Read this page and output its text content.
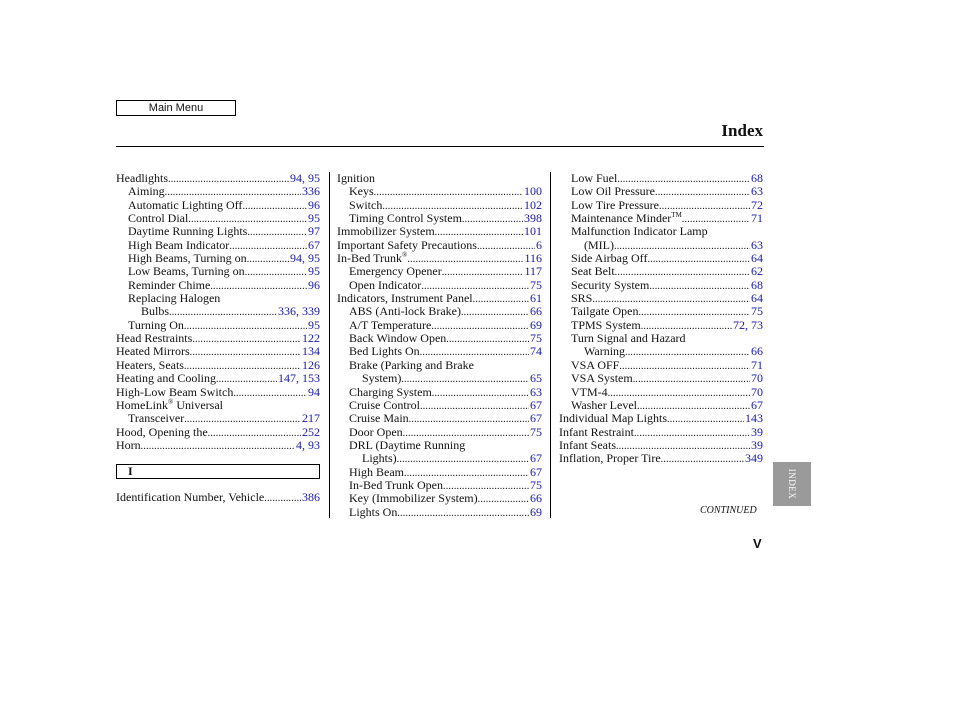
Main Menu
Index
Headlights .....	94, 95
Aiming .....	336
Automatic Lighting Off .....	96
Control Dial .....	95
Daytime Running Lights .....	97
High Beam Indicator .....	67
High Beams, Turning on .....	94, 95
Low Beams, Turning on .....	95
Reminder Chime .....	96
Replacing Halogen
Bulbs .....	336, 339
Turning On .....	95
Head Restraints .....	122
Heated Mirrors .....	134
Heaters, Seats .....	126
Heating and Cooling .....	147, 153
High-Low Beam Switch .....	94
HomeLink® Universal
Transceiver .....	217
Hood, Opening the .....	252
Horn .....	4, 93
Ignition
Keys .....	100
Switch .....	102
Timing Control System .....	398
Immobilizer System .....	101
Important Safety Precautions .....	6
In-Bed Trunk® .....	116
Emergency Opener .....	117
Open Indicator .....	75
Indicators, Instrument Panel .....	61
ABS (Anti-lock Brake) .....	66
A/T Temperature .....	69
Back Window Open .....	75
Bed Lights On .....	74
Brake (Parking and Brake
System) .....	65
Charging System .....	63
Cruise Control .....	67
Cruise Main .....	67
Door Open .....	75
DRL (Daytime Running
Lights) .....	67
High Beam .....	67
In-Bed Trunk Open .....	75
Key (Immobilizer System) .....	66
Lights On .....	69
Low Fuel .....	68
Low Oil Pressure .....	63
Low Tire Pressure .....	72
Maintenance Minder™ .....	71
Malfunction Indicator Lamp
(MIL) .....	63
Side Airbag Off .....	64
Seat Belt .....	62
Security System .....	68
SRS .....	64
Tailgate Open .....	75
TPMS System .....	72, 73
Turn Signal and Hazard
Warning .....	66
VSA OFF .....	71
VSA System .....	70
VTM-4 .....	70
Washer Level .....	67
Individual Map Lights .....	143
Infant Restraint .....	39
Infant Seats .....	39
Inflation, Proper Tire .....	349
I
Identification Number, Vehicle .....	386
CONTINUED
V
INDEX
